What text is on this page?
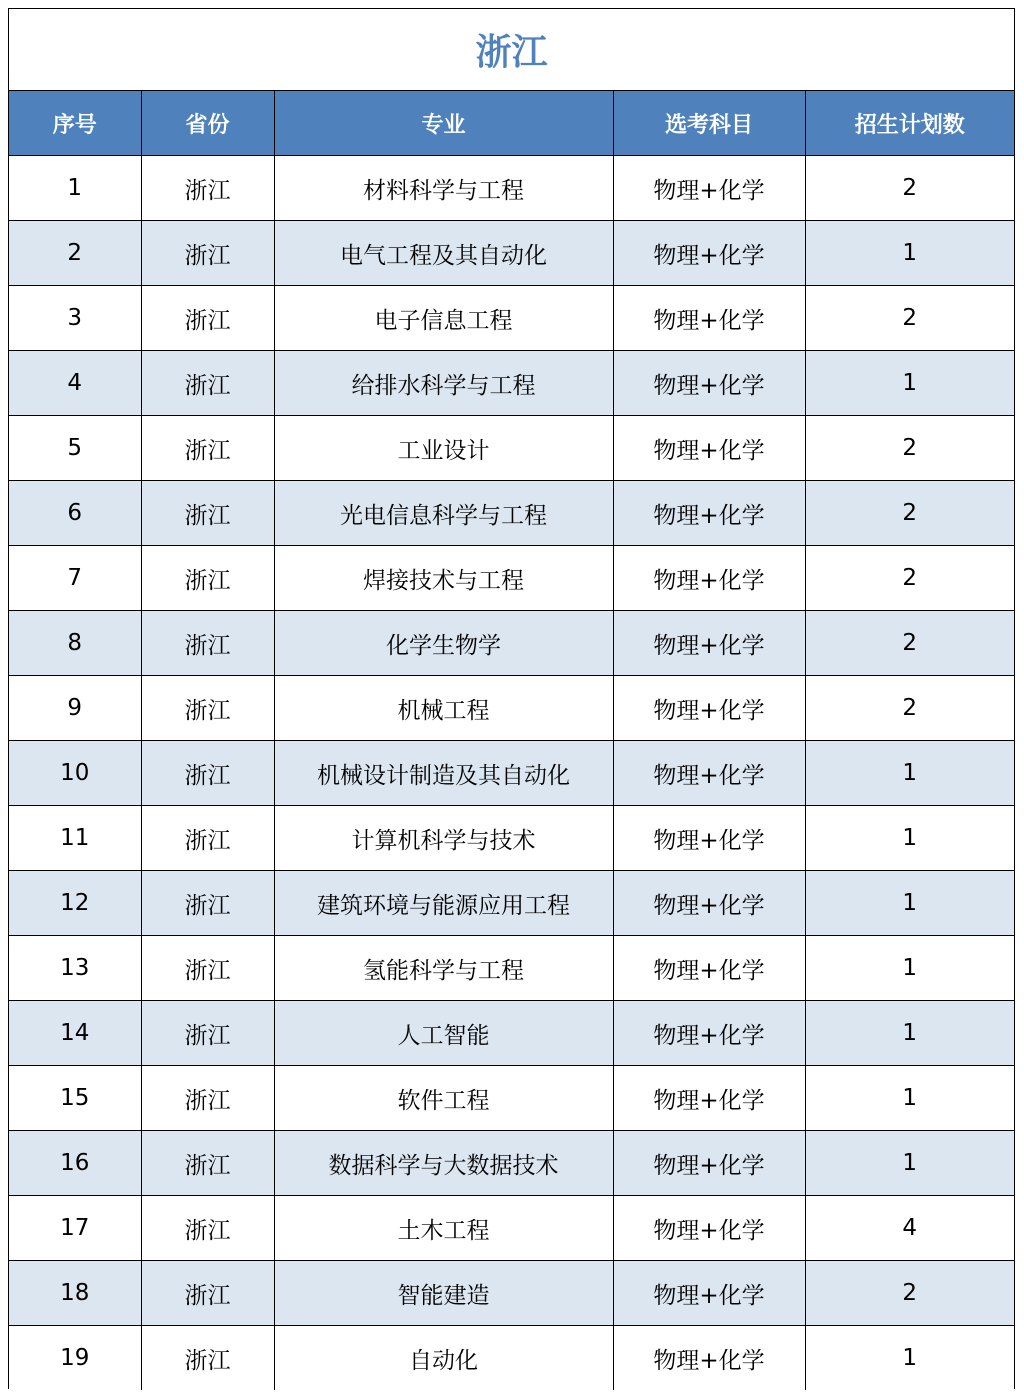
浙江
序号	省份	专业	选考科目	招生计划数
1	浙江	材料科学与工程	物理+化学	2
2	浙江	电气工程及其自动化	物理+化学	1
3	浙江	电子信息工程	物理+化学	2
4	浙江	给排水科学与工程	物理+化学	1
5	浙江	工业设计	物理+化学	2
6	浙江	光电信息科学与工程	物理+化学	2
7	浙江	焊接技术与工程	物理+化学	2
8	浙江	化学生物学	物理+化学	2
9	浙江	机械工程	物理+化学	2
10	浙江	机械设计制造及其自动化	物理+化学	1
11	浙江	计算机科学与技术	物理+化学	1
12	浙江	建筑环境与能源应用工程	物理+化学	1
13	浙江	氢能科学与工程	物理+化学	1
14	浙江	人工智能	物理+化学	1
15	浙江	软件工程	物理+化学	1
16	浙江	数据科学与大数据技术	物理+化学	1
17	浙江	土木工程	物理+化学	4
18	浙江	智能建造	物理+化学	2
19	浙江	自动化	物理+化学	1
